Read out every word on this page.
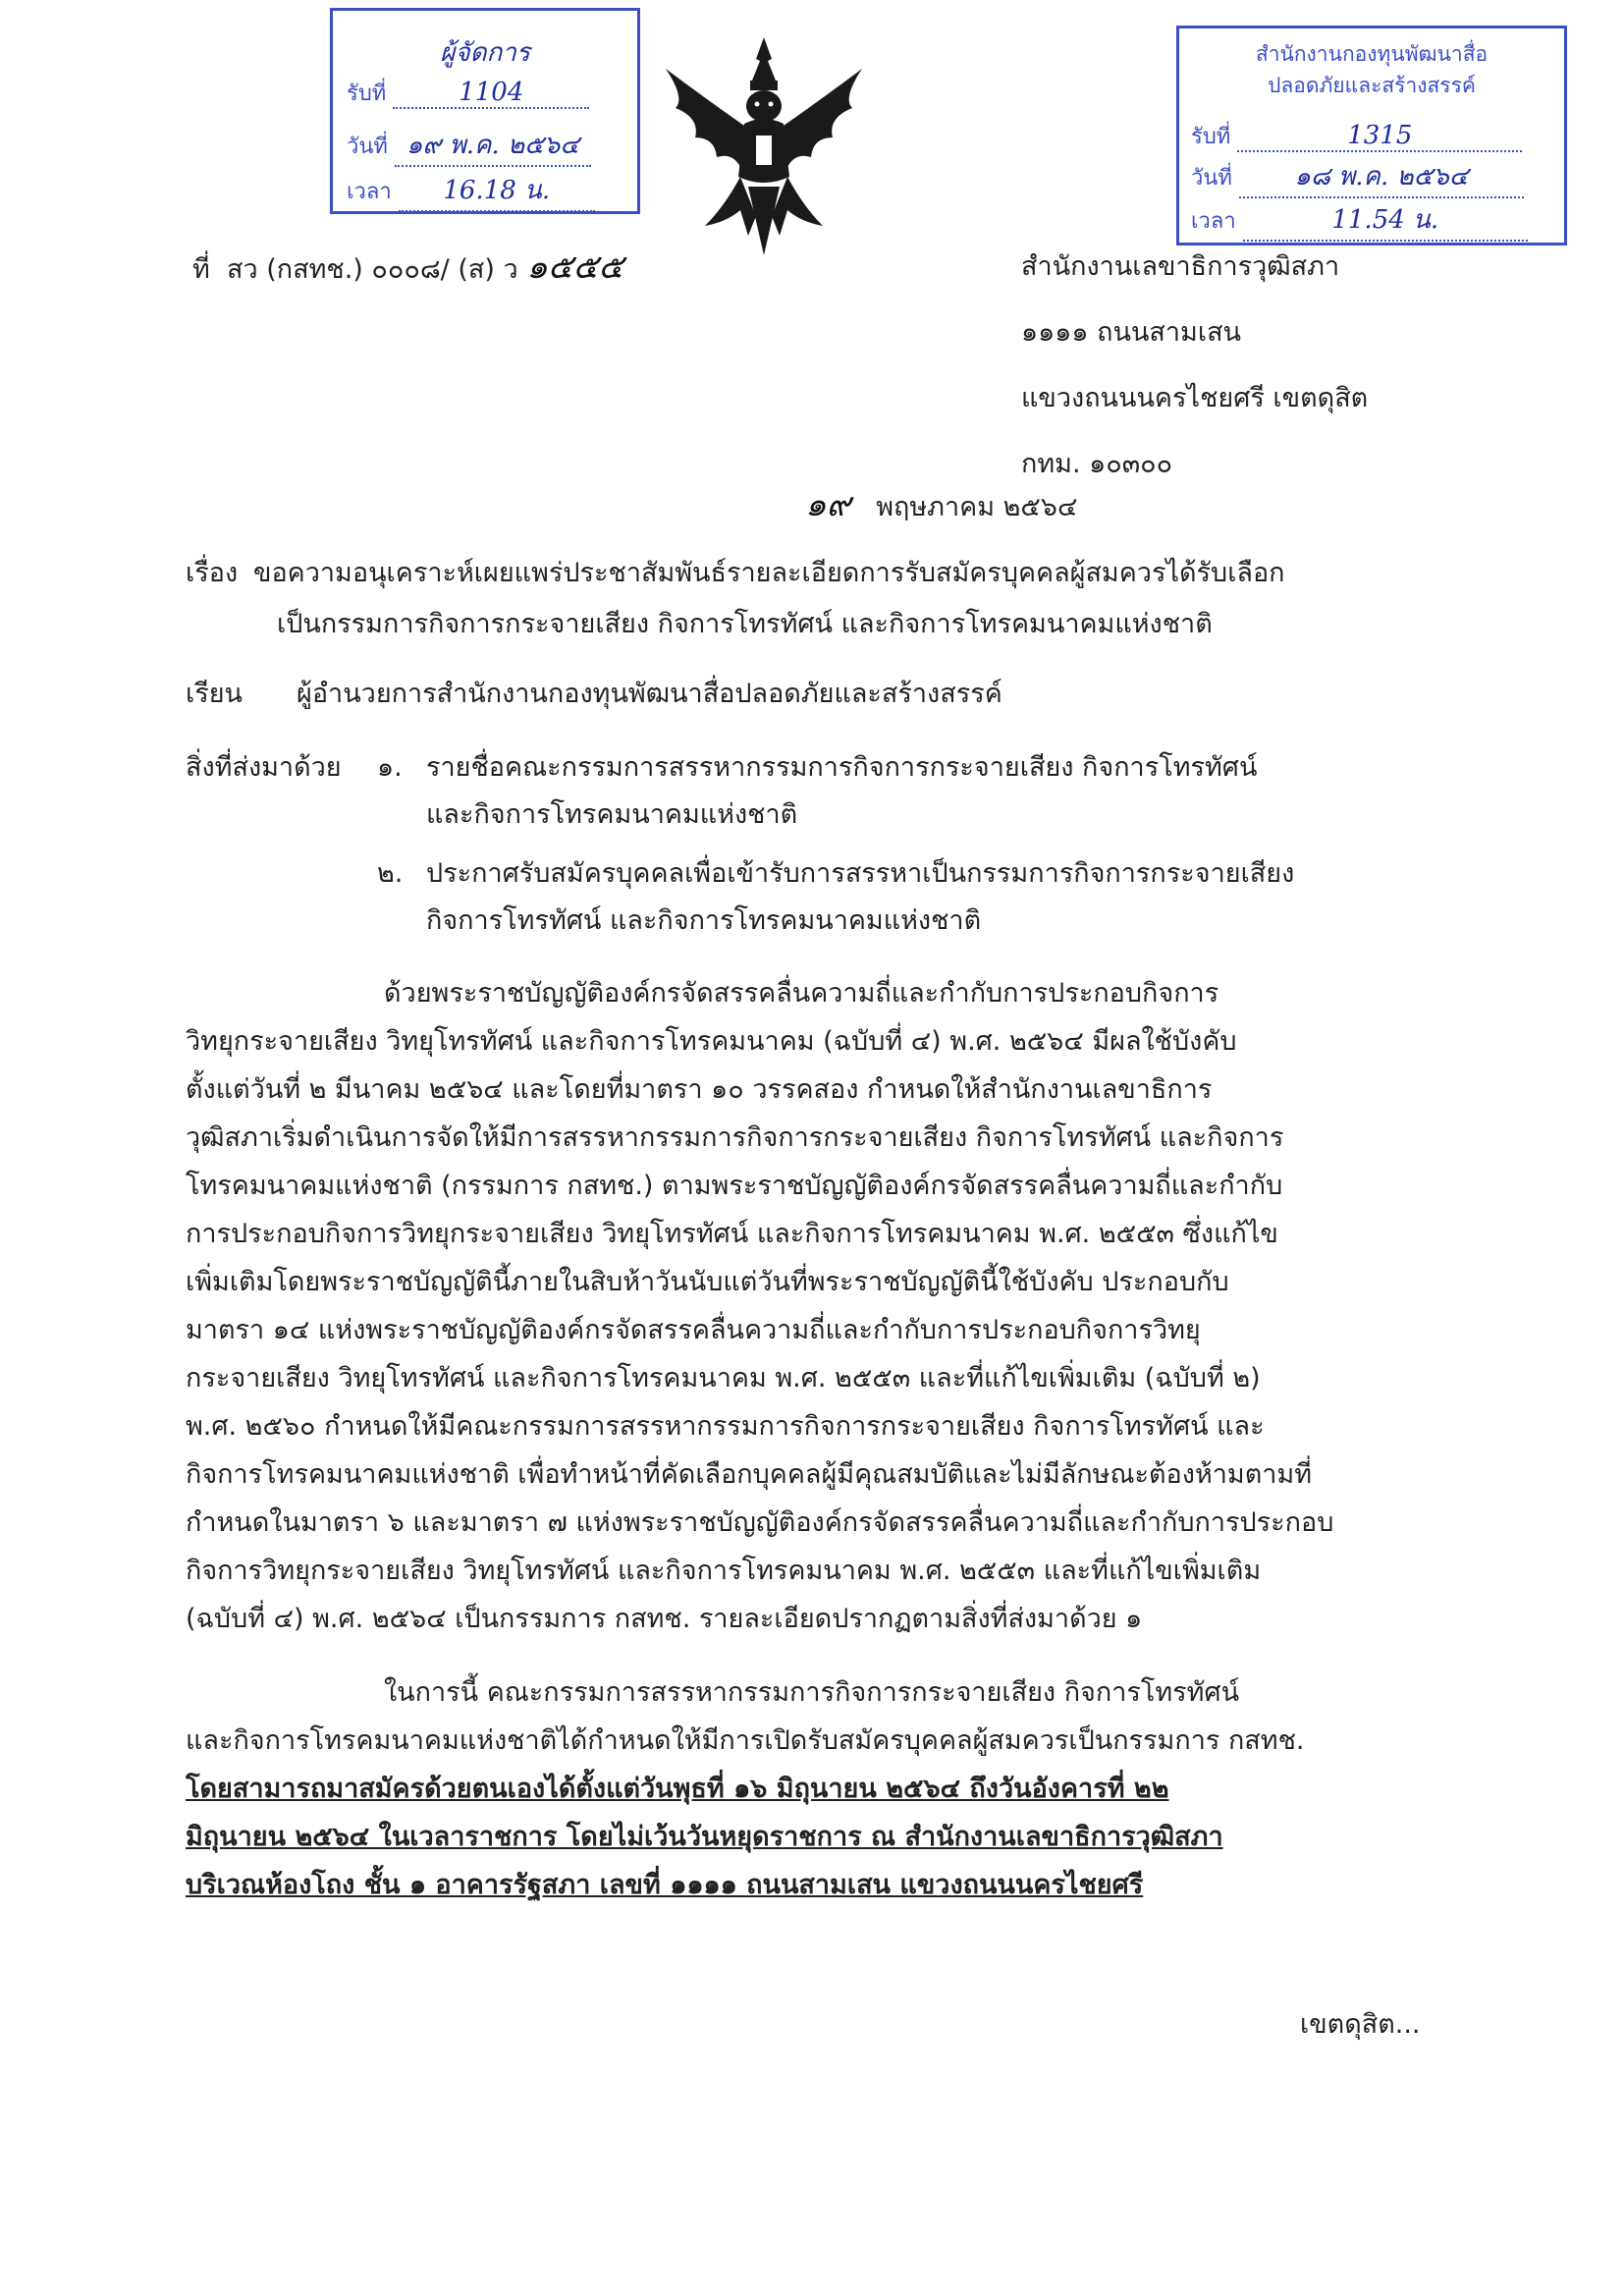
ผู้จัดการ
รับที่	1104
วันที่ ๑๙ พ.ค. ๒๕๖๔
เวลา 16.18 น.
สำนักงานกองทุนพัฒนาสื่อ
ปลอดภัยและสร้างสรรค์
รับที่	1315
วันที่ ๑๘ พ.ค. ๒๕๖๔
เวลา	11.54 น.
ที่ สว (กสทช.) ๐๐๐๘/ (ส) ว ๑๕๕๕	สำนักงานเลขาธิการวุฒิสภา
๑๑๑๑ ถนนสามเสน
แขวงถนนนครไชยศรี เขตดุสิต
กทม. ๑๐๓๐๐
๑๙ พฤษภาคม ๒๕๖๔
เรื่อง ขอความอนุเคราะห์เผยแพร่ประชาสัมพันธ์รายละเอียดการรับสมัครบุคคลผู้สมควรได้รับเลือก
เป็นกรรมการกิจการกระจายเสียง กิจการโทรทัศน์ และกิจการโทรคมนาคมแห่งชาติ
เรียน ผู้อำนวยการสำนักงานกองทุนพัฒนาสื่อปลอดภัยและสร้างสรรค์
สิ่งที่ส่งมาด้วย ๑. รายชื่อคณะกรรมการสรรหากรรมการกิจการกระจายเสียง กิจการโทรทัศน์
และกิจการโทรคมนาคมแห่งชาติ
๒. ประกาศรับสมัครบุคคลเพื่อเข้ารับการสรรหาเป็นกรรมการกิจการกระจายเสียง
กิจการโทรทัศน์ และกิจการโทรคมนาคมแห่งชาติ
ด้วยพระราชบัญญัติองค์กรจัดสรรคลื่นความถี่และกำกับการประกอบกิจการ
วิทยุกระจายเสียง วิทยุโทรทัศน์ และกิจการโทรคมนาคม (ฉบับที่ ๔) พ.ศ. ๒๕๖๔ มีผลใช้บังคับ
ตั้งแต่วันที่ ๒ มีนาคม ๒๕๖๔ และโดยที่มาตรา ๑๐ วรรคสอง กำหนดให้สำนักงานเลขาธิการ
วุฒิสภาเริ่มดำเนินการจัดให้มีการสรรหากรรมการกิจการกระจายเสียง กิจการโทรทัศน์ และกิจการ
โทรคมนาคมแห่งชาติ (กรรมการ กสทช.) ตามพระราชบัญญัติองค์กรจัดสรรคลื่นความถี่และกำกับ
การประกอบกิจการวิทยุกระจายเสียง วิทยุโทรทัศน์ และกิจการโทรคมนาคม พ.ศ. ๒๕๕๓ ซึ่งแก้ไข
เพิ่มเติมโดยพระราชบัญญัตินี้ภายในสิบห้าวันนับแต่วันที่พระราชบัญญัตินี้ใช้บังคับ ประกอบกับ
มาตรา ๑๔ แห่งพระราชบัญญัติองค์กรจัดสรรคลื่นความถี่และกำกับการประกอบกิจการวิทยุ
กระจายเสียง วิทยุโทรทัศน์ และกิจการโทรคมนาคม พ.ศ. ๒๕๕๓ และที่แก้ไขเพิ่มเติม (ฉบับที่ ๒)
พ.ศ. ๒๕๖๐ กำหนดให้มีคณะกรรมการสรรหากรรมการกิจการกระจายเสียง กิจการโทรทัศน์ และ
กิจการโทรคมนาคมแห่งชาติ เพื่อทำหน้าที่คัดเลือกบุคคลผู้มีคุณสมบัติและไม่มีลักษณะต้องห้ามตามที่
กำหนดในมาตรา ๖ และมาตรา ๗ แห่งพระราชบัญญัติองค์กรจัดสรรคลื่นความถี่และกำกับการประกอบ
กิจการวิทยุกระจายเสียง วิทยุโทรทัศน์ และกิจการโทรคมนาคม พ.ศ. ๒๕๕๓ และที่แก้ไขเพิ่มเติม
(ฉบับที่ ๔) พ.ศ. ๒๕๖๔ เป็นกรรมการ กสทช. รายละเอียดปรากฏตามสิ่งที่ส่งมาด้วย ๑
ในการนี้ คณะกรรมการสรรหากรรมการกิจการกระจายเสียง กิจการโทรทัศน์
และกิจการโทรคมนาคมแห่งชาติได้กำหนดให้มีการเปิดรับสมัครบุคคลผู้สมควรเป็นกรรมการ กสทช.
โดยสามารถมาสมัครด้วยตนเองได้ตั้งแต่วันพุธที่ ๑๖ มิถุนายน ๒๕๖๔ ถึงวันอังคารที่ ๒๒
มิถุนายน ๒๕๖๔ ในเวลาราชการ โดยไม่เว้นวันหยุดราชการ ณ สำนักงานเลขาธิการวุฒิสภา
บริเวณห้องโถง ชั้น ๑ อาคารรัฐสภา เลขที่ ๑๑๑๑ ถนนสามเสน แขวงถนนนครไชยศรี
เขตดุสิต...
